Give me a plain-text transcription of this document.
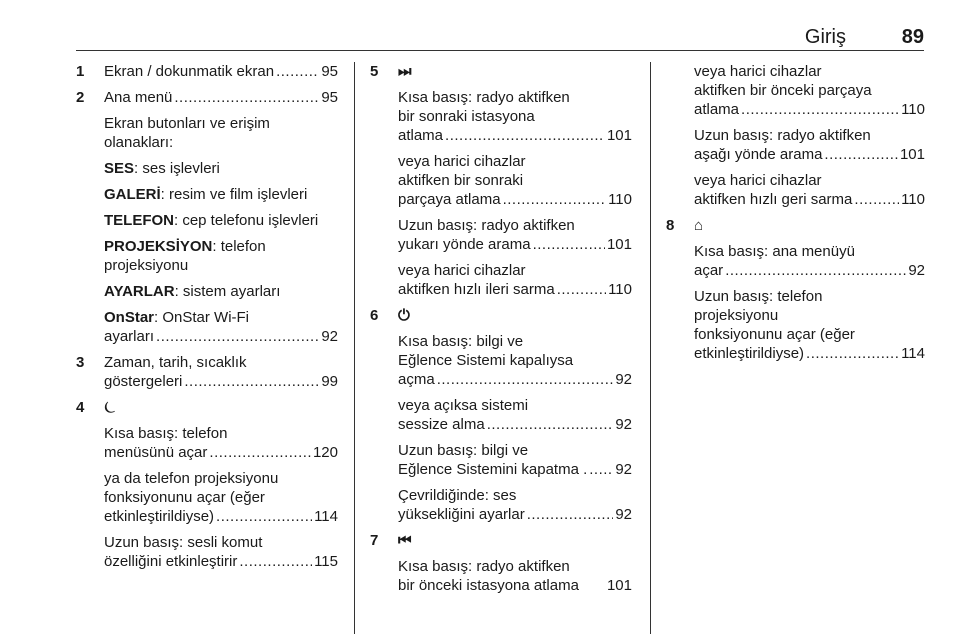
Giriş	89
1 Ekran / dokunmatik ekran .....	95
2 Ana menü .....	95
Ekran butonları ve erişim
olanakları:
SES: ses işlevleri
GALERİ: resim ve film işlevleri
TELEFON: cep telefonu işlevleri
PROJEKSİYON: telefon
projeksiyonu
AYARLAR: sistem ayarları
OnStar: OnStar Wi-Fi
ayarları .....	92
3 Zaman, tarih, sıcaklık
göstergeleri .....	99
4 ⏾
Kısa basış: telefon
menüsünü açar .....	120
ya da telefon projeksiyonu
fonksiyonunu açar (eğer
etkinleştirildiyse) .....	114
Uzun basış: sesli komut
özelliğini etkinleştirir .....	115
5 ⏭
Kısa basış: radyo aktifken
bir sonraki istasyona
atlama .....	101
veya harici cihazlar
aktifken bir sonraki
parçaya atlama .....	110
Uzun basış: radyo aktifken
yukarı yönde arama .....	101
veya harici cihazlar
aktifken hızlı ileri sarma .....	110
6 ⏻
Kısa basış: bilgi ve
Eğlence Sistemi kapalıysa
açma .....	92
veya açıksa sistemi
sessize alma .....	92
Uzun basış: bilgi ve
Eğlence Sistemini kapatma . ..... 92
Çevrildiğinde: ses
yüksekliğini ayarlar .....	92
7 ⏮
Kısa basış: radyo aktifken
bir önceki istasyona atlama 101
veya harici cihazlar
aktifken bir önceki parçaya
atlama .....	110
Uzun basış: radyo aktifken
aşağı yönde arama .....	101
veya harici cihazlar
aktifken hızlı geri sarma .....	110
8 ⌂
Kısa basış: ana menüyü
açar .....	92
Uzun basış: telefon
projeksiyonu
fonksiyonunu açar (eğer
etkinleştirildiyse) .....	114
